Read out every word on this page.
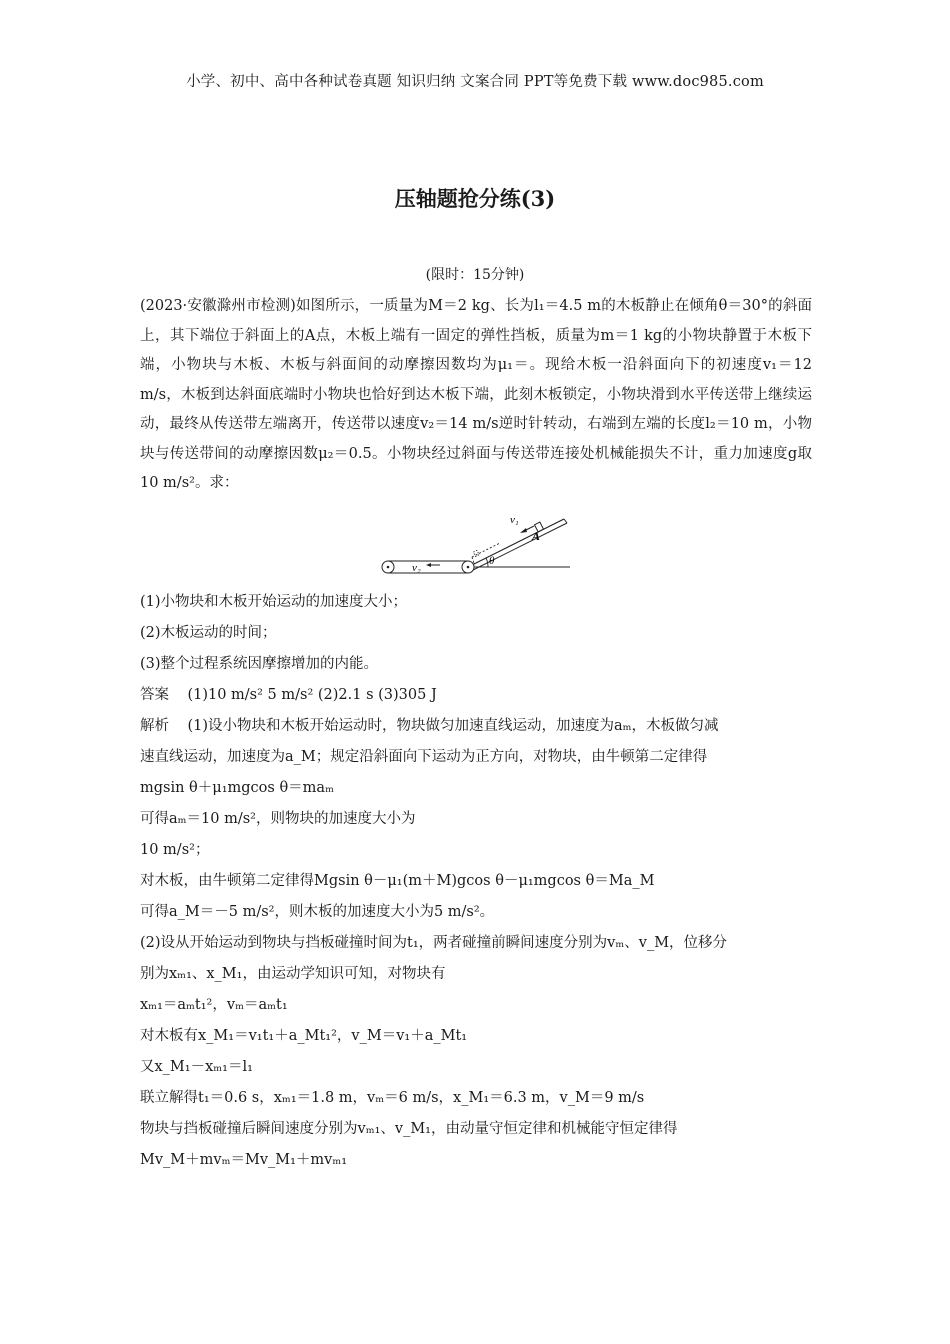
小学、初中、高中各种试卷真题 知识归纳 文案合同 PPT等免费下载 www.doc985.com
压轴题抢分练(3)
(限时：15分钟)
(2023·安徽滁州市检测)如图所示，一质量为M＝2 kg、长为l₁＝4.5 m的木板静止在倾角θ＝30°的斜面上，其下端位于斜面上的A点，木板上端有一固定的弹性挡板，质量为m＝1 kg的小物块静置于木板下端，小物块与木板、木板与斜面间的动摩擦因数均为μ₁＝。现给木板一沿斜面向下的初速度v₁＝12 m/s，木板到达斜面底端时小物块也恰好到达木板下端，此刻木板锁定，小物块滑到水平传送带上继续运动，最终从传送带左端离开，传送带以速度v₂＝14 m/s逆时针转动，右端到左端的长度l₂＝10 m，小物块与传送带间的动摩擦因数μ₂＝0.5。小物块经过斜面与传送带连接处机械能损失不计，重力加速度g取10 m/s²。求：
v₁
A
θ
v₂
(1)小物块和木板开始运动的加速度大小；
(2)木板运动的时间；
(3)整个过程系统因摩擦增加的内能。
答案 (1)10 m/s² 5 m/s² (2)2.1 s (3)305 J
解析 (1)设小物块和木板开始运动时，物块做匀加速直线运动，加速度为aₘ，木板做匀减
速直线运动，加速度为a_M；规定沿斜面向下运动为正方向，对物块，由牛顿第二定律得
mgsin θ＋μ₁mgcos θ＝maₘ
可得aₘ＝10 m/s²，则物块的加速度大小为
10 m/s²；
对木板，由牛顿第二定律得Mgsin θ－μ₁(m＋M)gcos θ－μ₁mgcos θ＝Ma_M
可得a_M＝－5 m/s²，则木板的加速度大小为5 m/s²。
(2)设从开始运动到物块与挡板碰撞时间为t₁，两者碰撞前瞬间速度分别为vₘ、v_M，位移分
别为xₘ₁、x_M₁，由运动学知识可知，对物块有
xₘ₁＝aₘt₁²，vₘ＝aₘt₁
对木板有x_M₁＝v₁t₁＋a_Mt₁²，v_M＝v₁＋a_Mt₁
又x_M₁－xₘ₁＝l₁
联立解得t₁＝0.6 s，xₘ₁＝1.8 m，vₘ＝6 m/s，x_M₁＝6.3 m，v_M＝9 m/s
物块与挡板碰撞后瞬间速度分别为vₘ₁、v_M₁，由动量守恒定律和机械能守恒定律得
Mv_M＋mvₘ＝Mv_M₁＋mvₘ₁
